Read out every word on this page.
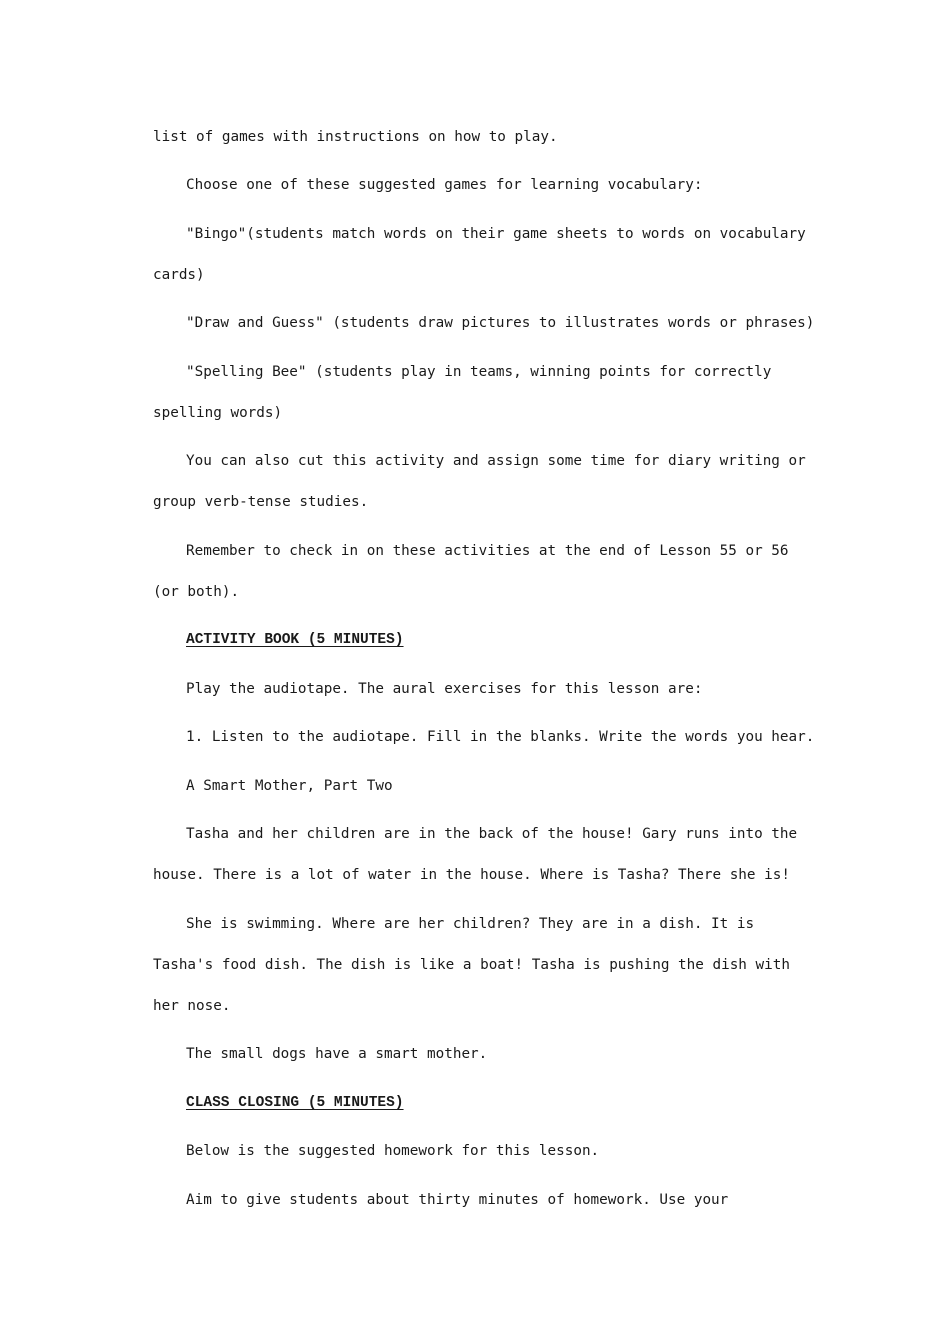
list of games with instructions on how to play.
Choose one of these suggested games for learning vocabulary:
"Bingo"(students match words on their game sheets to words on vocabulary
cards)
"Draw and Guess" (students draw pictures to illustrates words or phrases)
"Spelling Bee" (students play in teams, winning points for correctly
spelling words)
You can also cut this activity and assign some time for diary writing or
group verb-tense studies.
Remember to check in on these activities at the end of Lesson 55 or 56
(or both).
ACTIVITY BOOK (5 MINUTES)
Play the audiotape. The aural exercises for this lesson are:
1. Listen to the audiotape. Fill in the blanks. Write the words you hear.
A Smart Mother, Part Two
Tasha and her children are in the back of the house! Gary runs into the
house. There is a lot of water in the house. Where is Tasha? There she is!
She is swimming. Where are her children? They are in a dish. It is
Tasha's food dish. The dish is like a boat! Tasha is pushing the dish with
her nose.
The small dogs have a smart mother.
CLASS CLOSING (5 MINUTES)
Below is the suggested homework for this lesson.
Aim to give students about thirty minutes of homework. Use your
